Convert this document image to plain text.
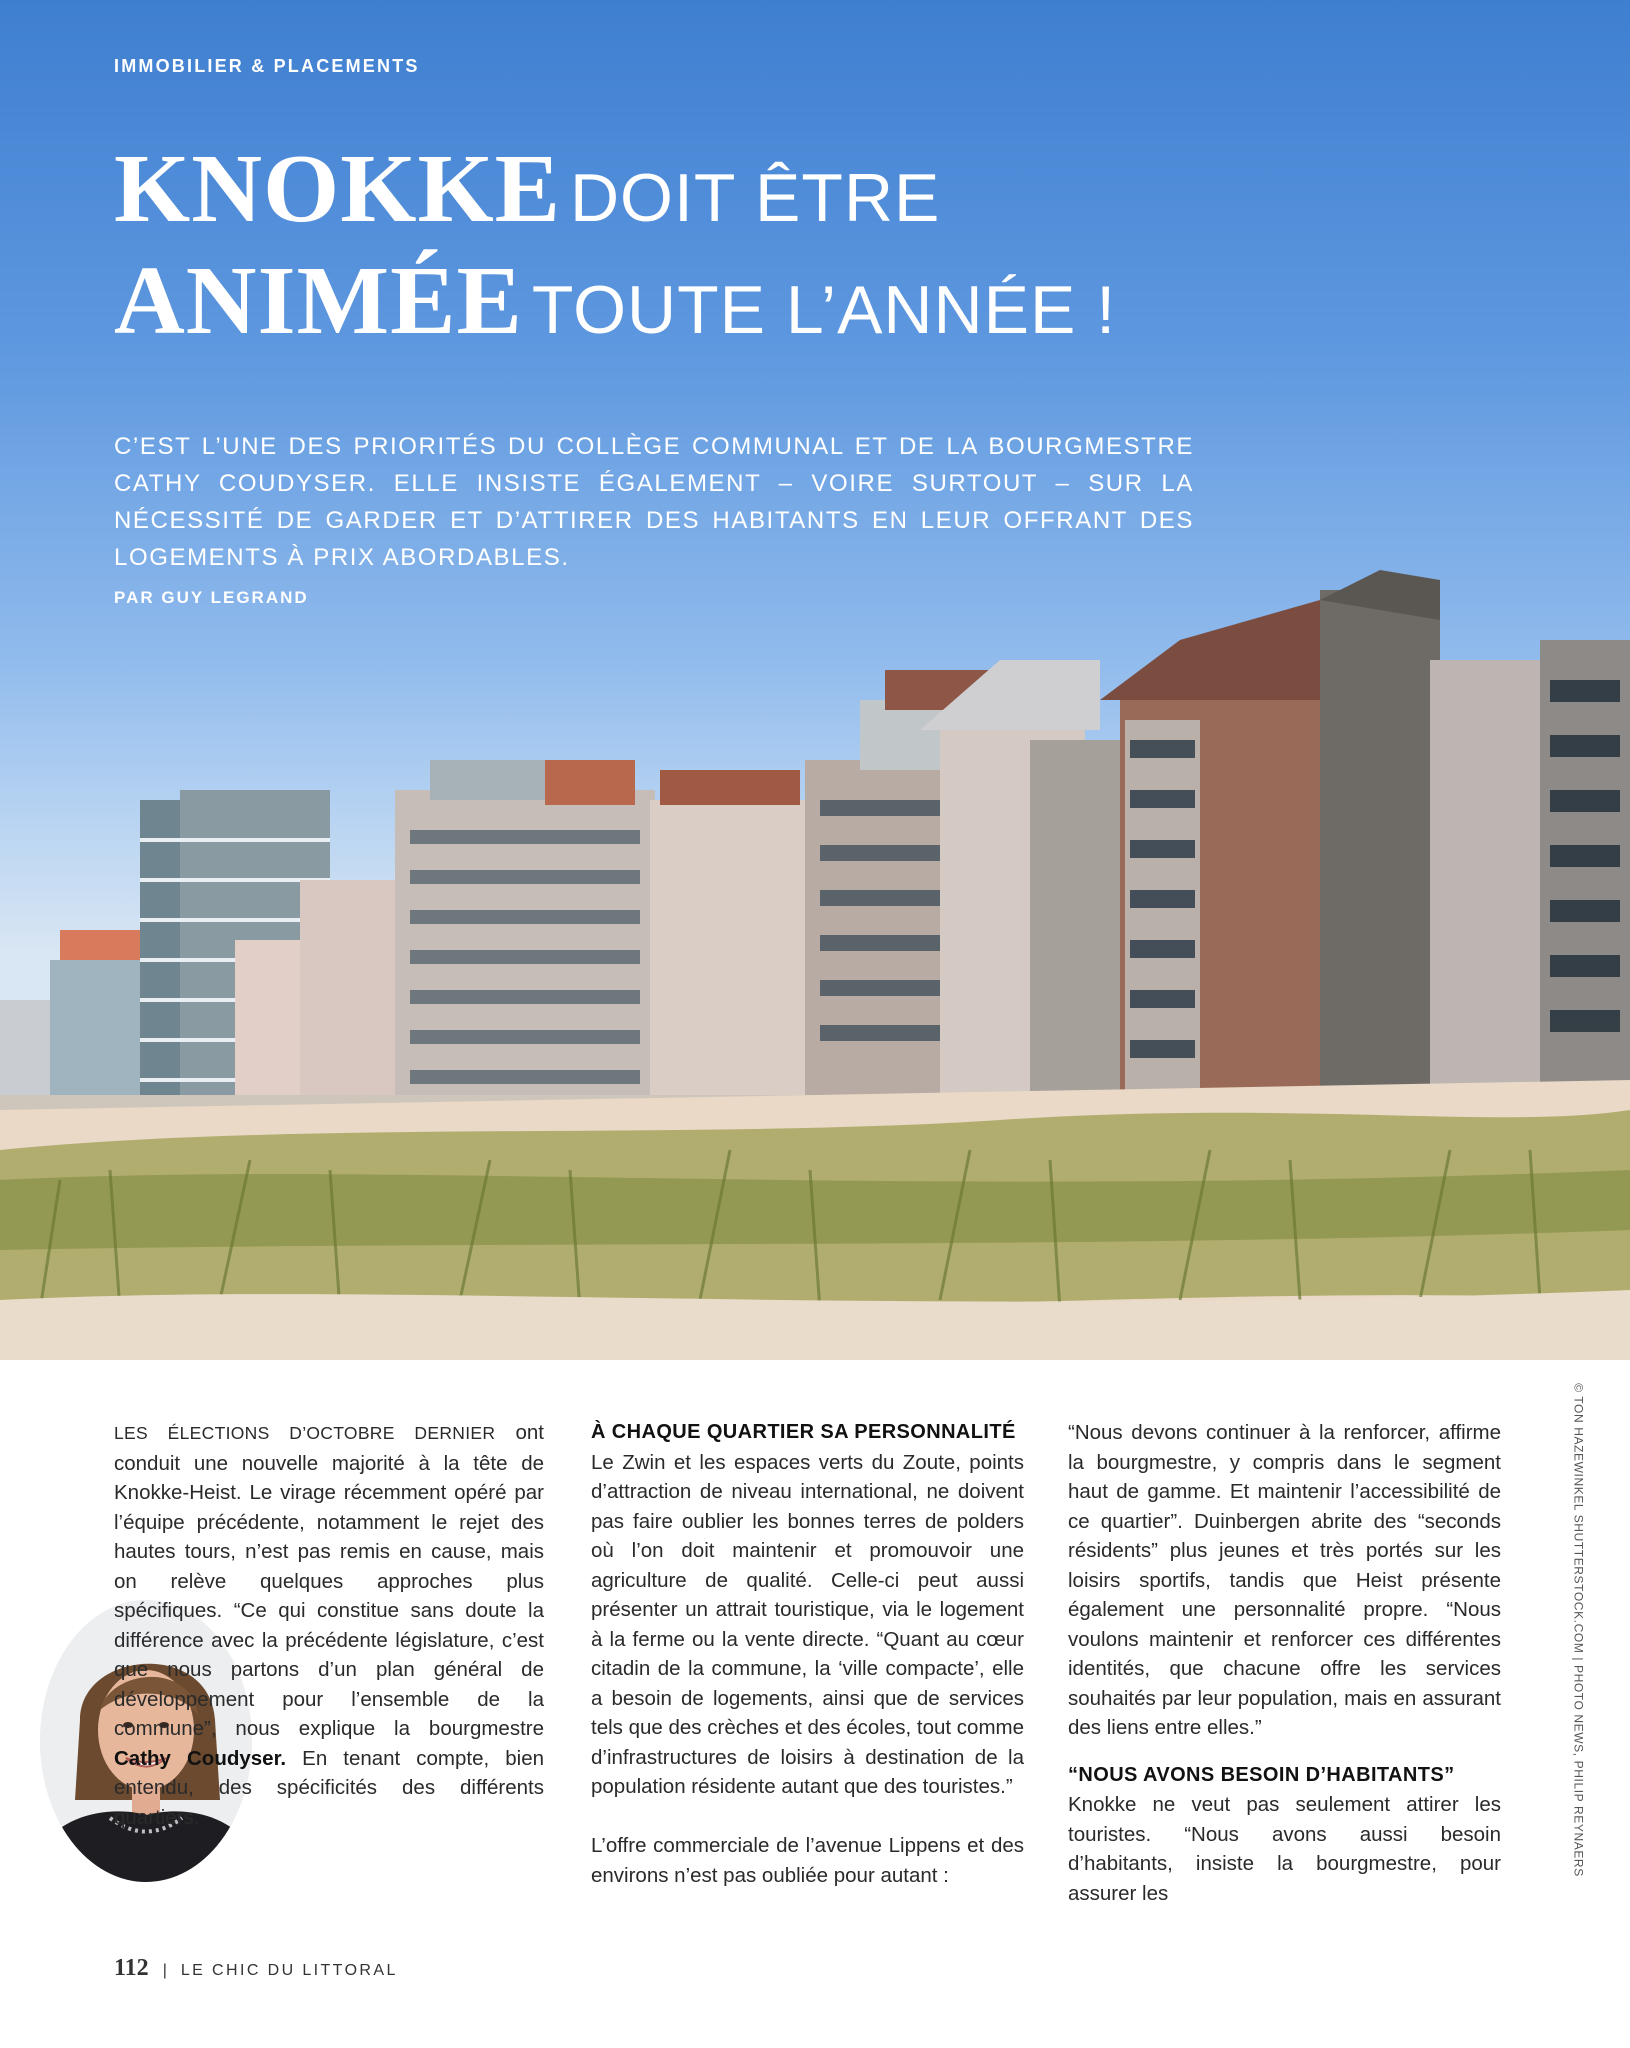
IMMOBILIER & PLACEMENTS
KNOKKE DOIT ÊTRE
ANIMÉE TOUTE L’ANNÉE !

C’EST L’UNE DES PRIORITÉS DU COLLÈGE COMMUNAL ET DE LA BOURGMESTRE CATHY COUDYSER. ELLE INSISTE ÉGALEMENT – VOIRE SURTOUT – SUR LA NÉCESSITÉ DE GARDER ET D’ATTIRER DES HABITANTS EN LEUR OFFRANT DES LOGEMENTS À PRIX ABORDABLES.

PAR GUY LEGRAND

LES ÉLECTIONS D’OCTOBRE DERNIER ont conduit une nouvelle majorité à la tête de Knokke-Heist. Le virage récemment opéré par l’équipe précédente, notamment le rejet des hautes tours, n’est pas remis en cause, mais on relève quelques approches plus spécifiques. “Ce qui constitue sans doute la différence avec la précédente législature, c’est que nous partons d’un plan général de développement pour l’ensemble de la commune”, nous explique la bourgmestre Cathy Coudyser. En tenant compte, bien entendu, des spécificités des différents quartiers.

À CHAQUE QUARTIER SA PERSONNALITÉ

Le Zwin et les espaces verts du Zoute, points d’attraction de niveau international, ne doivent pas faire oublier les bonnes terres de polders où l’on doit maintenir et promouvoir une agriculture de qualité. Celle-ci peut aussi présenter un attrait touristique, via le logement à la ferme ou la vente directe. “Quant au cœur citadin de la commune, la ‘ville compacte’, elle a besoin de logements, ainsi que de services tels que des crèches et des écoles, tout comme d’infrastructures de loisirs à destination de la population résidente autant que des touristes.”

L’offre commerciale de l’avenue Lippens et des environs n’est pas oubliée pour autant :

“Nous devons continuer à la renforcer, affirme la bourgmestre, y compris dans le segment haut de gamme. Et maintenir l’accessibilité de ce quartier”. Duinbergen abrite des “seconds résidents” plus jeunes et très portés sur les loisirs sportifs, tandis que Heist présente également une personnalité propre. “Nous voulons maintenir et renforcer ces différentes identités, que chacune offre les services souhaités par leur population, mais en assurant des liens entre elles.”

“NOUS AVONS BESOIN D’HABITANTS”

Knokke ne veut pas seulement attirer les touristes. “Nous avons aussi besoin d’habitants, insiste la bourgmestre, pour assurer les

© TON HAZEWINKEL SHUTTERSTOCK.COM | PHOTO NEWS, PHILIP REYNAERS
112 | LE CHIC DU LITTORAL
